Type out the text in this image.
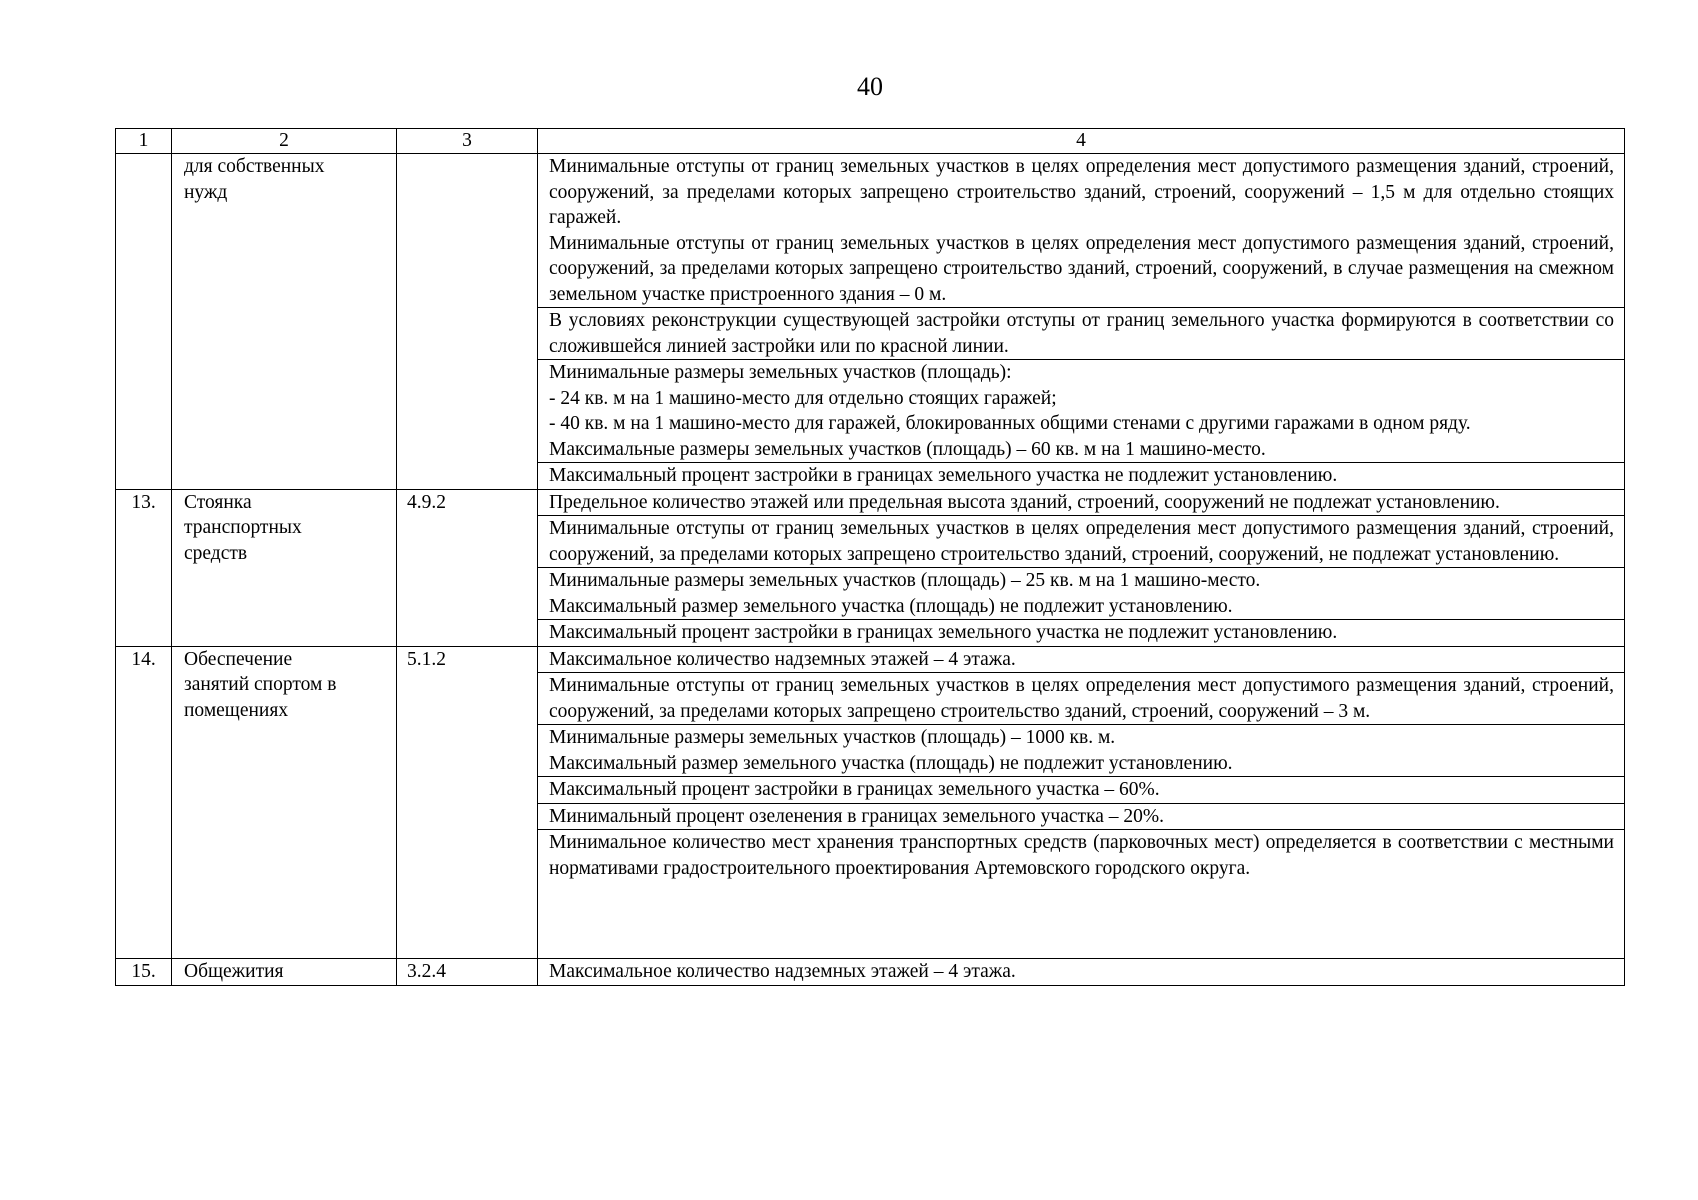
40
1	2	3	4

	для собственных нужд		Минимальные отступы от границ земельных участков в целях определения мест допустимого размещения зданий, строений, сооружений, за пределами которых запрещено строительство зданий, строений, сооружений – 1,5 м для отдельно стоящих гаражей.
Минимальные отступы от границ земельных участков в целях определения мест допустимого размещения зданий, строений, сооружений, за пределами которых запрещено строительство зданий, строений, сооружений, в случае размещения на смежном земельном участке пристроенного здания – 0 м.

			В условиях реконструкции существующей застройки отступы от границ земельного участка формируются в соответствии со сложившейся линией застройки или по красной линии.

			Минимальные размеры земельных участков (площадь):
- 24 кв. м на 1 машино-место для отдельно стоящих гаражей;
- 40 кв. м на 1 машино-место для гаражей, блокированных общими стенами с другими гаражами в одном ряду.
Максимальные размеры земельных участков (площадь) – 60 кв. м на 1 машино-место.

			Максимальный процент застройки в границах земельного участка не подлежит установлению.

13.	Стоянка транспортных средств	4.9.2	Предельное количество этажей или предельная высота зданий, строений, сооружений не подлежат установлению.

			Минимальные отступы от границ земельных участков в целях определения мест допустимого размещения зданий, строений, сооружений, за пределами которых запрещено строительство зданий, строений, сооружений, не подлежат установлению.

			Минимальные размеры земельных участков (площадь) – 25 кв. м на 1 машино-место.
Максимальный размер земельного участка (площадь) не подлежит установлению.

			Максимальный процент застройки в границах земельного участка не подлежит установлению.

14.	Обеспечение занятий спортом в помещениях	5.1.2	Максимальное количество надземных этажей – 4 этажа.

			Минимальные отступы от границ земельных участков в целях определения мест допустимого размещения зданий, строений, сооружений, за пределами которых запрещено строительство зданий, строений, сооружений – 3 м.

			Минимальные размеры земельных участков (площадь) – 1000 кв. м.
Максимальный размер земельного участка (площадь) не подлежит установлению.

			Максимальный процент застройки в границах земельного участка – 60%.

			Минимальный процент озеленения в границах земельного участка – 20%.

			Минимальное количество мест хранения транспортных средств (парковочных мест) определяется в соответствии с местными нормативами градостроительного проектирования Артемовского городского округа.

15.	Общежития	3.2.4	Максимальное количество надземных этажей – 4 этажа.
